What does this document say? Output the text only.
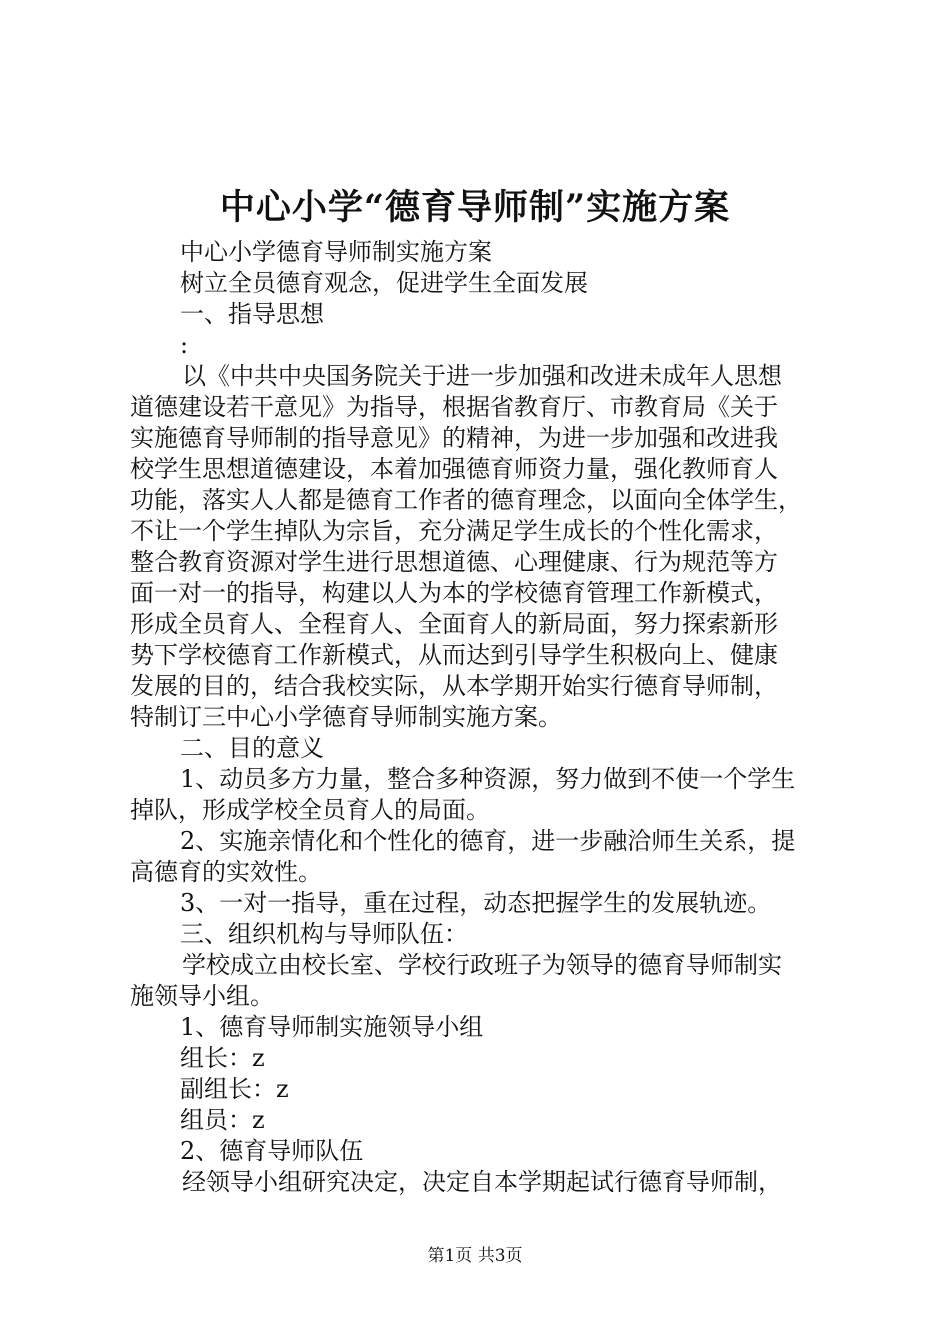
中心小学“德育导师制”实施方案
中心小学德育导师制实施方案
树立全员德育观念，促进学生全面发展
一、指导思想
:
以《中共中央国务院关于进一步加强和改进未成年人思想
道德建设若干意见》为指导，根据省教育厅、市教育局《关于
实施德育导师制的指导意见》的精神，为进一步加强和改进我
校学生思想道德建设，本着加强德育师资力量，强化教师育人
功能，落实人人都是德育工作者的德育理念，以面向全体学生，
不让一个学生掉队为宗旨，充分满足学生成长的个性化需求，
整合教育资源对学生进行思想道德、心理健康、行为规范等方
面一对一的指导，构建以人为本的学校德育管理工作新模式，
形成全员育人、全程育人、全面育人的新局面，努力探索新形
势下学校德育工作新模式，从而达到引导学生积极向上、健康
发展的目的，结合我校实际，从本学期开始实行德育导师制，
特制订三中心小学德育导师制实施方案。
二、目的意义
1、动员多方力量，整合多种资源，努力做到不使一个学生
掉队，形成学校全员育人的局面。
2、实施亲情化和个性化的德育，进一步融洽师生关系，提
高德育的实效性。
3、一对一指导，重在过程，动态把握学生的发展轨迹。
三、组织机构与导师队伍：
学校成立由校长室、学校行政班子为领导的德育导师制实
施领导小组。
1、德育导师制实施领导小组
组长：z
副组长：z
组员：z
2、德育导师队伍
经领导小组研究决定，决定自本学期起试行德育导师制，
第1页 共3页
